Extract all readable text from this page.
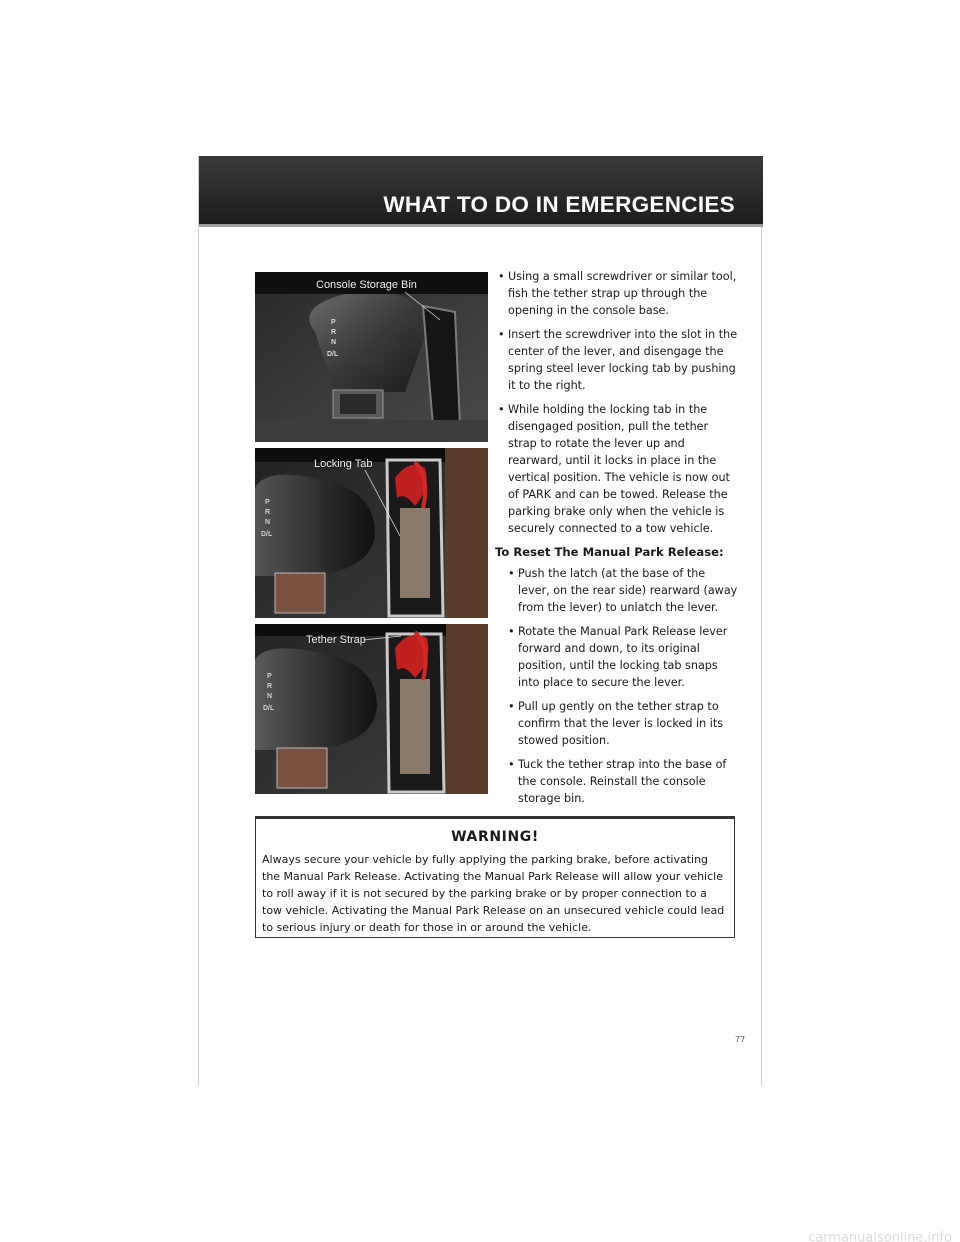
WHAT TO DO IN EMERGENCIES
P
R
N
D/L
Console Storage Bin
P
R
N
D/L
Locking Tab
P
R
N
D/L
Tether Strap
• Using a small screwdriver or similar tool, fish the tether strap up through the opening in the console base.
• Insert the screwdriver into the slot in the center of the lever, and disengage the spring steel lever locking tab by pushing it to the right.
• While holding the locking tab in the disengaged position, pull the tether strap to rotate the lever up and rearward, until it locks in place in the vertical position. The vehicle is now out of PARK and can be towed. Release the parking brake only when the vehicle is securely connected to a tow vehicle.
To Reset The Manual Park Release:
• Push the latch (at the base of the lever, on the rear side) rearward (away from the lever) to unlatch the lever.
• Rotate the Manual Park Release lever forward and down, to its original position, until the locking tab snaps into place to secure the lever.
• Pull up gently on the tether strap to confirm that the lever is locked in its stowed position.
• Tuck the tether strap into the base of the console. Reinstall the console storage bin.
WARNING!
Always secure your vehicle by fully applying the parking brake, before activating the Manual Park Release. Activating the Manual Park Release will allow your vehicle to roll away if it is not secured by the parking brake or by proper connection to a tow vehicle. Activating the Manual Park Release on an unsecured vehicle could lead to serious injury or death for those in or around the vehicle.
77
carmanualsonline.info
